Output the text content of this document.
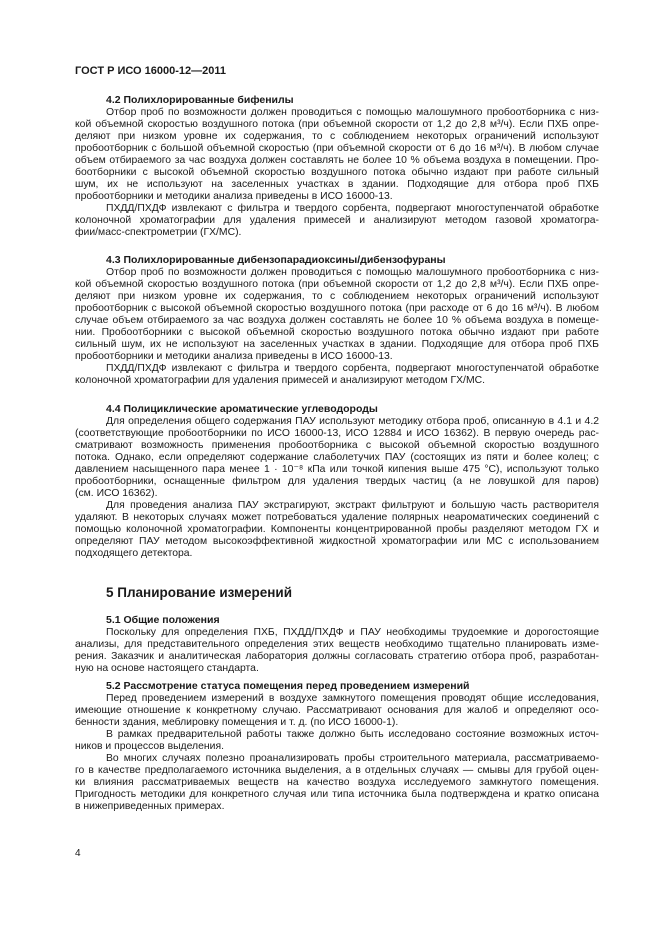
ГОСТ Р ИСО 16000-12—2011
4.2 Полихлорированные бифенилы
Отбор проб по возможности должен проводиться с помощью малошумного пробоотборника с низ-
кой объемной скоростью воздушного потока (при объемной скорости от 1,2 до 2,8 м³/ч). Если ПХБ опре-
деляют при низком уровне их содержания, то с соблюдением некоторых ограничений используют
пробоотборник с большой объемной скоростью (при объемной скорости от 6 до 16 м³/ч). В любом случае
объем отбираемого за час воздуха должен составлять не более 10 % объема воздуха в помещении. Про-
боотборники с высокой объемной скоростью воздушного потока обычно издают при работе сильный
шум, их не используют на заселенных участках в здании. Подходящие для отбора проб ПХБ
пробоотборники и методики анализа приведены в ИСО 16000-13.
ПХДД/ПХДФ извлекают с фильтра и твердого сорбента, подвергают многоступенчатой обработке
колоночной хроматографии для удаления примесей и анализируют методом газовой хроматогра-
фии/масс-спектрометрии (ГХ/МС).
4.3 Полихлорированные дибензопарадиоксины/дибензофураны
Отбор проб по возможности должен проводиться с помощью малошумного пробоотборника с низ-
кой объемной скоростью воздушного потока (при объемной скорости от 1,2 до 2,8 м³/ч). Если ПХБ опре-
деляют при низком уровне их содержания, то с соблюдением некоторых ограничений используют
пробоотборник с высокой объемной скоростью воздушного потока (при расходе от 6 до 16 м³/ч). В любом
случае объем отбираемого за час воздуха должен составлять не более 10 % объема воздуха в помеще-
нии. Пробоотборники с высокой объемной скоростью воздушного потока обычно издают при работе
сильный шум, их не используют на заселенных участках в здании. Подходящие для отбора проб ПХБ
пробоотборники и методики анализа приведены в ИСО 16000-13.
ПХДД/ПХДФ извлекают с фильтра и твердого сорбента, подвергают многоступенчатой обработке
колоночной хроматографии для удаления примесей и анализируют методом ГХ/МС.
4.4 Полициклические ароматические углеводороды
Для определения общего содержания ПАУ используют методику отбора проб, описанную в 4.1 и 4.2
(соответствующие пробоотборники по ИСО 16000-13, ИСО 12884 и ИСО 16362). В первую очередь рас-
сматривают возможность применения пробоотборника с высокой объемной скоростью воздушного
потока. Однако, если определяют содержание слаболетучих ПАУ (состоящих из пяти и более колец; с
давлением насыщенного пара менее 1 · 10⁻⁸ кПа или точкой кипения выше 475 °С), используют только
пробоотборники, оснащенные фильтром для удаления твердых частиц (а не ловушкой для паров)
(см. ИСО 16362).
Для проведения анализа ПАУ экстрагируют, экстракт фильтруют и большую часть растворителя
удаляют. В некоторых случаях может потребоваться удаление полярных неароматических соединений с
помощью колоночной хроматографии. Компоненты концентрированной пробы разделяют методом ГХ и
определяют ПАУ методом высокоэффективной жидкостной хроматографии или МС с использованием
подходящего детектора.
5 Планирование измерений
5.1 Общие положения
Поскольку для определения ПХБ, ПХДД/ПХДФ и ПАУ необходимы трудоемкие и дорогостоящие
анализы, для представительного определения этих веществ необходимо тщательно планировать изме-
рения. Заказчик и аналитическая лаборатория должны согласовать стратегию отбора проб, разработан-
ную на основе настоящего стандарта.
5.2 Рассмотрение статуса помещения перед проведением измерений
Перед проведением измерений в воздухе замкнутого помещения проводят общие исследования,
имеющие отношение к конкретному случаю. Рассматривают основания для жалоб и определяют осо-
бенности здания, меблировку помещения и т. д. (по ИСО 16000-1).
В рамках предварительной работы также должно быть исследовано состояние возможных источ-
ников и процессов выделения.
Во многих случаях полезно проанализировать пробы строительного материала, рассматриваемо-
го в качестве предполагаемого источника выделения, а в отдельных случаях — смывы для грубой оцен-
ки влияния рассматриваемых веществ на качество воздуха исследуемого замкнутого помещения.
Пригодность методики для конкретного случая или типа источника была подтверждена и кратко описана
в нижеприведенных примерах.
4
